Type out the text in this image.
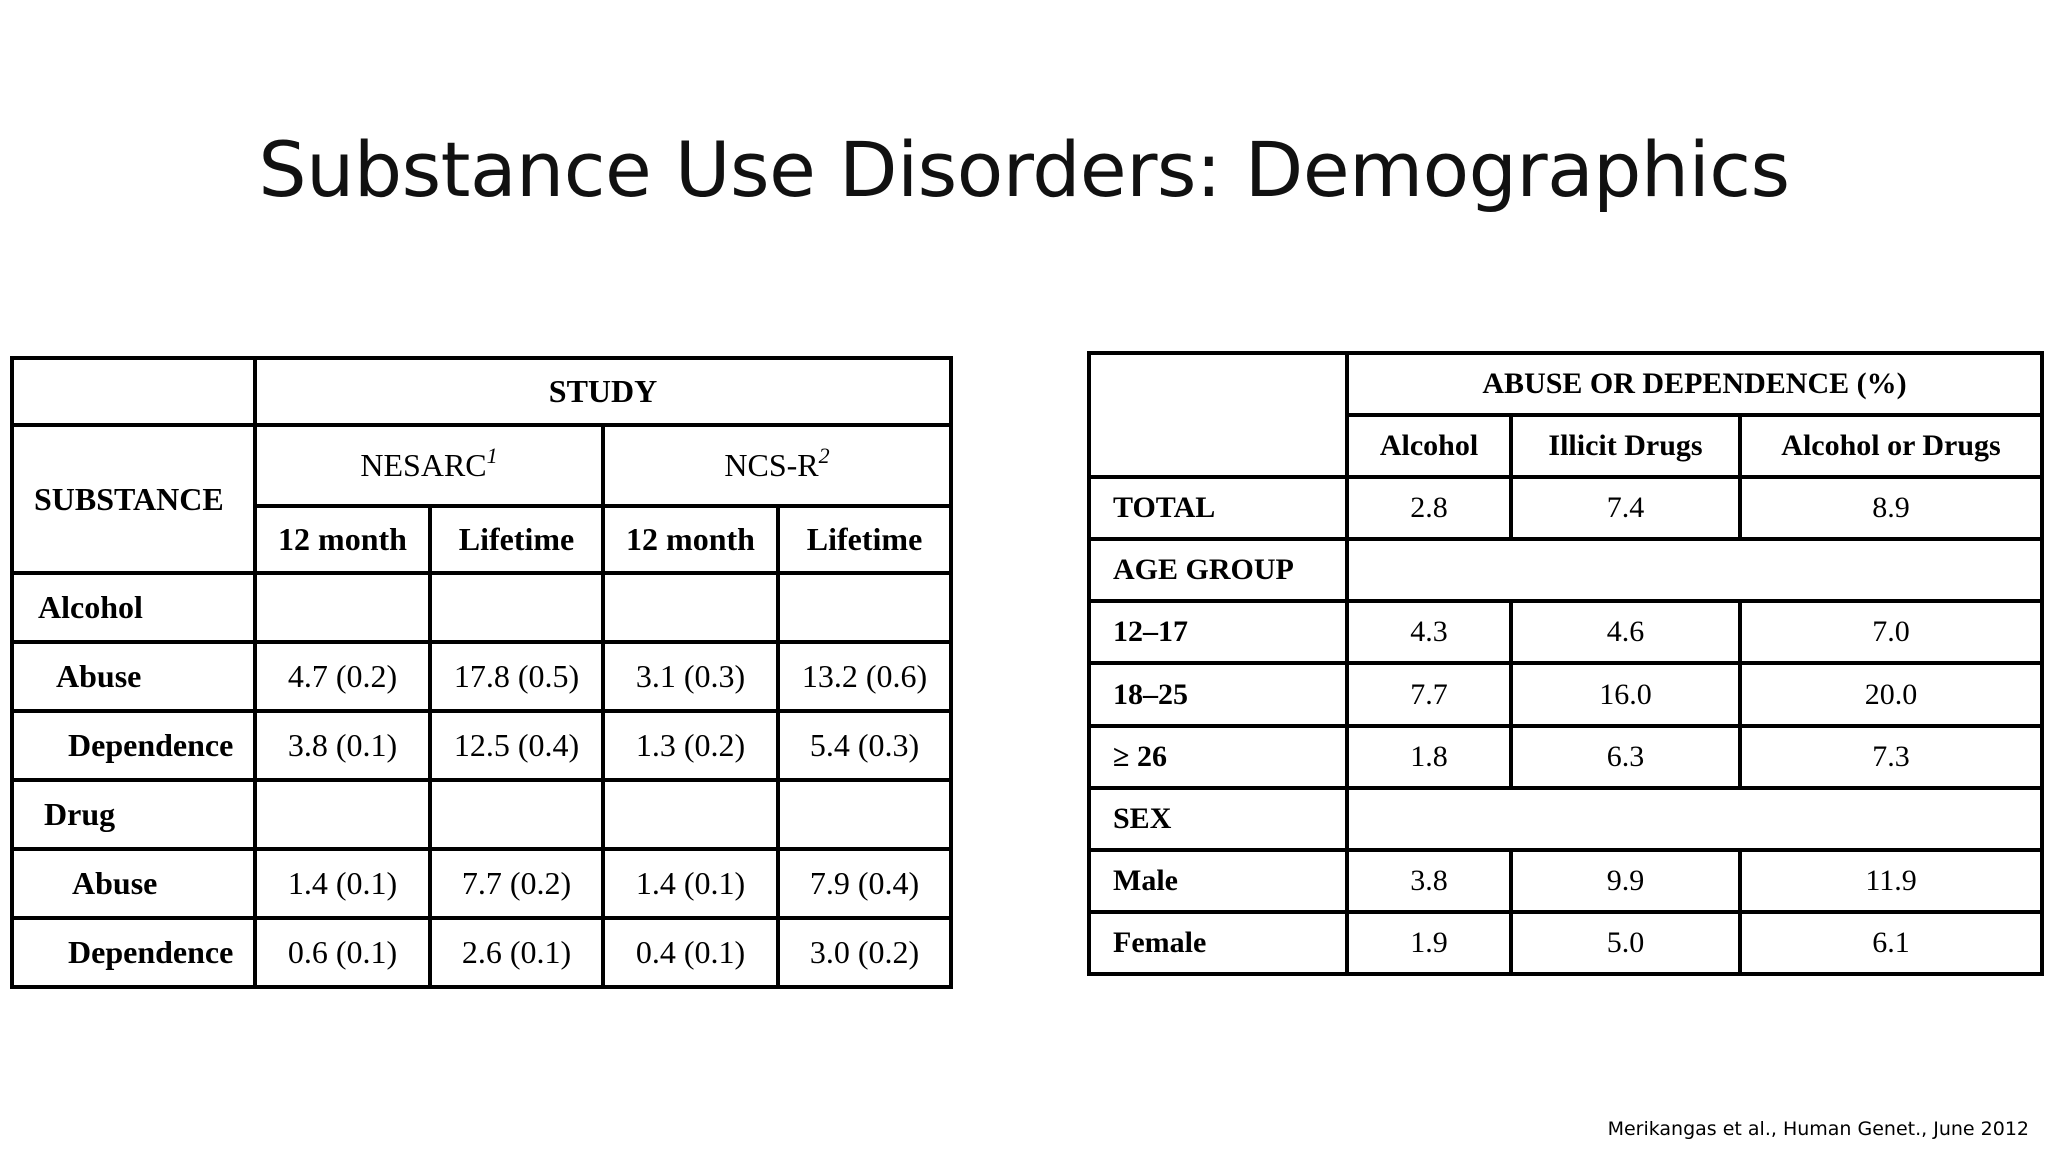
Substance Use Disorders: Demographics
	STUDY			
SUBSTANCE	NESARC$^1$		NCS-$R^2$
	12 month	Lifetime	12 month	Lifetime
Alcohol				
Abuse	4.7 (0.2)	17.8 (0.5)	3.1 (0.3)	13.2 (0.6)
Dependence	3.8 (0.1)	12.5 (0.4)	1.3 (0.2)	5.4 (0.3)
Drug				
Abuse	1.4 (0.1)	7.7 (0.2)	1.4 (0.1)	7.9 (0.4)
Dependence	0.6 (0.1)	2.6 (0.1)	0.4 (0.1)	3.0 (0.2)
	ABUSE OR DEPENDENCE (%)		
	Alcohol	Illicit Drugs	Alcohol or Drugs
TOTAL	2.8	7.4	8.9
AGE GROUP			
12–17	4.3	4.6	7.0
18–25	7.7	16.0	20.0
≥ 26	1.8	6.3	7.3
SEX			
Male	3.8	9.9	11.9
Female	1.9	5.0	6.1
Merikangas et al., Human Genet., June 2012
